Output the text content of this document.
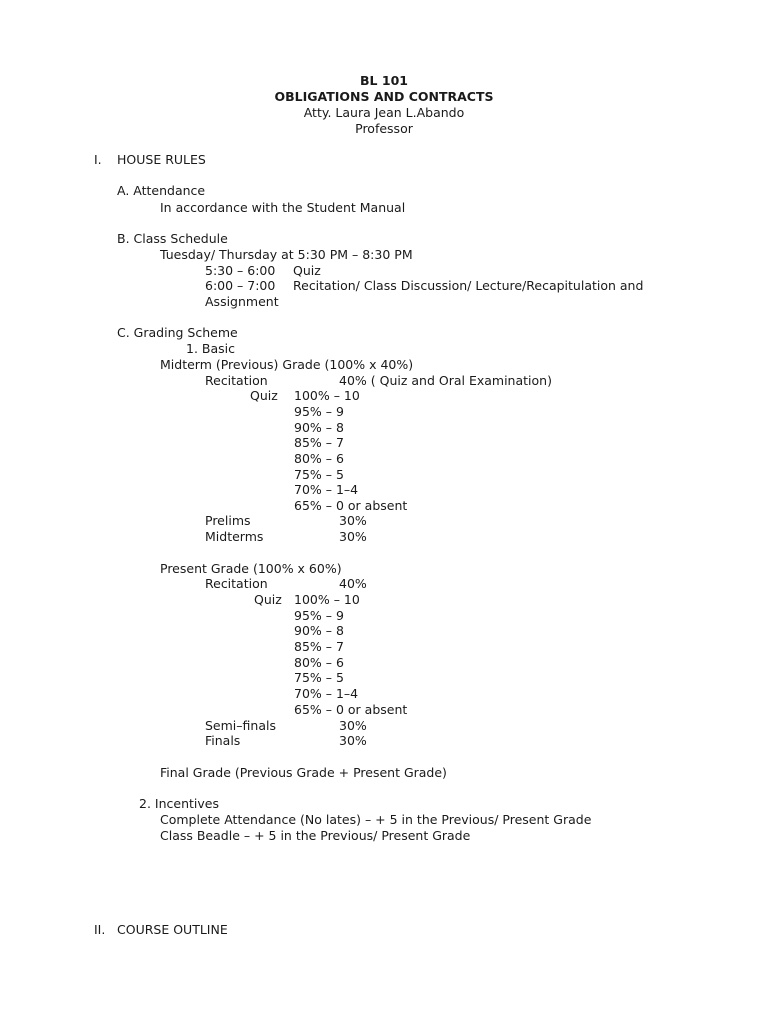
BL 101
OBLIGATIONS AND CONTRACTS
Atty. Laura Jean L.Abando
Professor
I. HOUSE RULES
A. Attendance
In accordance with the Student Manual
B. Class Schedule
Tuesday/ Thursday at 5:30 PM – 8:30 PM
5:30 – 6:00 Quiz
6:00 – 7:00 Recitation/ Class Discussion/ Lecture/Recapitulation and
Assignment
C. Grading Scheme
1. Basic
Midterm (Previous) Grade (100% x 40%)
Recitation	40% ( Quiz and Oral Examination)
Quiz 100% – 10
95% – 9
90% – 8
85% – 7
80% – 6
75% – 5
70% – 1–4
65% – 0 or absent
Prelims	30%
Midterms	30%
Present Grade (100% x 60%)
Recitation	40%
Quiz 100% – 10
95% – 9
90% – 8
85% – 7
80% – 6
75% – 5
70% – 1–4
65% – 0 or absent
Semi–finals	30%
Finals	30%
Final Grade (Previous Grade + Present Grade)
2. Incentives
Complete Attendance (No lates) – + 5 in the Previous/ Present Grade
Class Beadle – + 5 in the Previous/ Present Grade
II. COURSE OUTLINE
